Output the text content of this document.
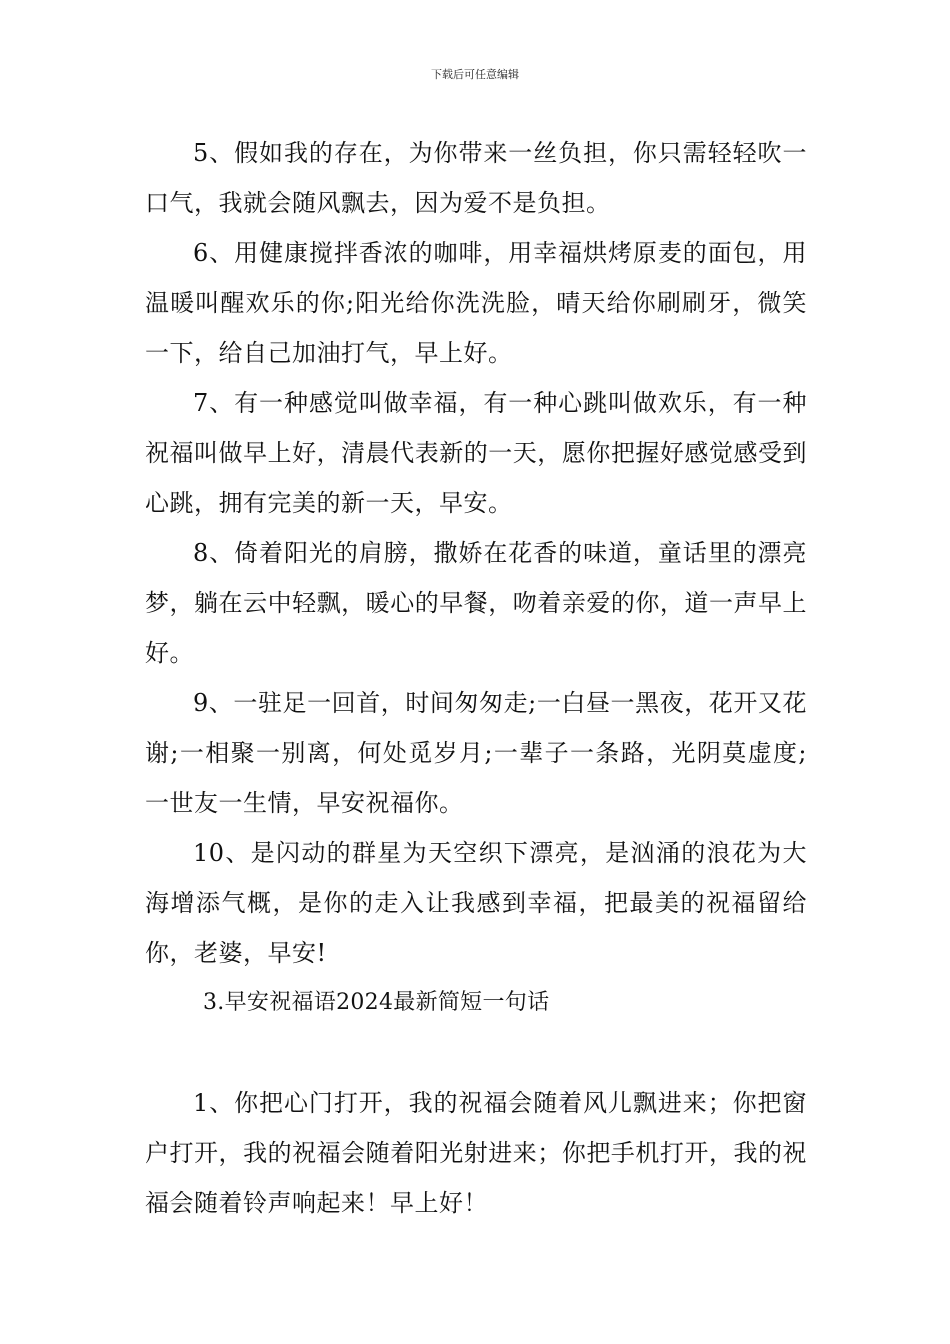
下载后可任意编辑

5、假如我的存在，为你带来一丝负担，你只需轻轻吹一口气，我就会随风飘去，因为爱不是负担。

6、用健康搅拌香浓的咖啡，用幸福烘烤原麦的面包，用温暖叫醒欢乐的你;阳光给你洗洗脸，晴天给你刷刷牙，微笑一下，给自己加油打气，早上好。

7、有一种感觉叫做幸福，有一种心跳叫做欢乐，有一种祝福叫做早上好，清晨代表新的一天，愿你把握好感觉感受到心跳，拥有完美的新一天，早安。

8、倚着阳光的肩膀，撒娇在花香的味道，童话里的漂亮梦，躺在云中轻飘，暖心的早餐，吻着亲爱的你，道一声早上好。

9、一驻足一回首，时间匆匆走;一白昼一黑夜，花开又花谢;一相聚一别离，何处觅岁月;一辈子一条路，光阴莫虚度;一世友一生情，早安祝福你。

10、是闪动的群星为天空织下漂亮，是汹涌的浪花为大海增添气概，是你的走入让我感到幸福，把最美的祝福留给你，老婆，早安!

3.早安祝福语2024最新简短一句话

1、你把心门打开，我的祝福会随着风儿飘进来；你把窗户打开，我的祝福会随着阳光射进来；你把手机打开，我的祝福会随着铃声响起来！早上好！
